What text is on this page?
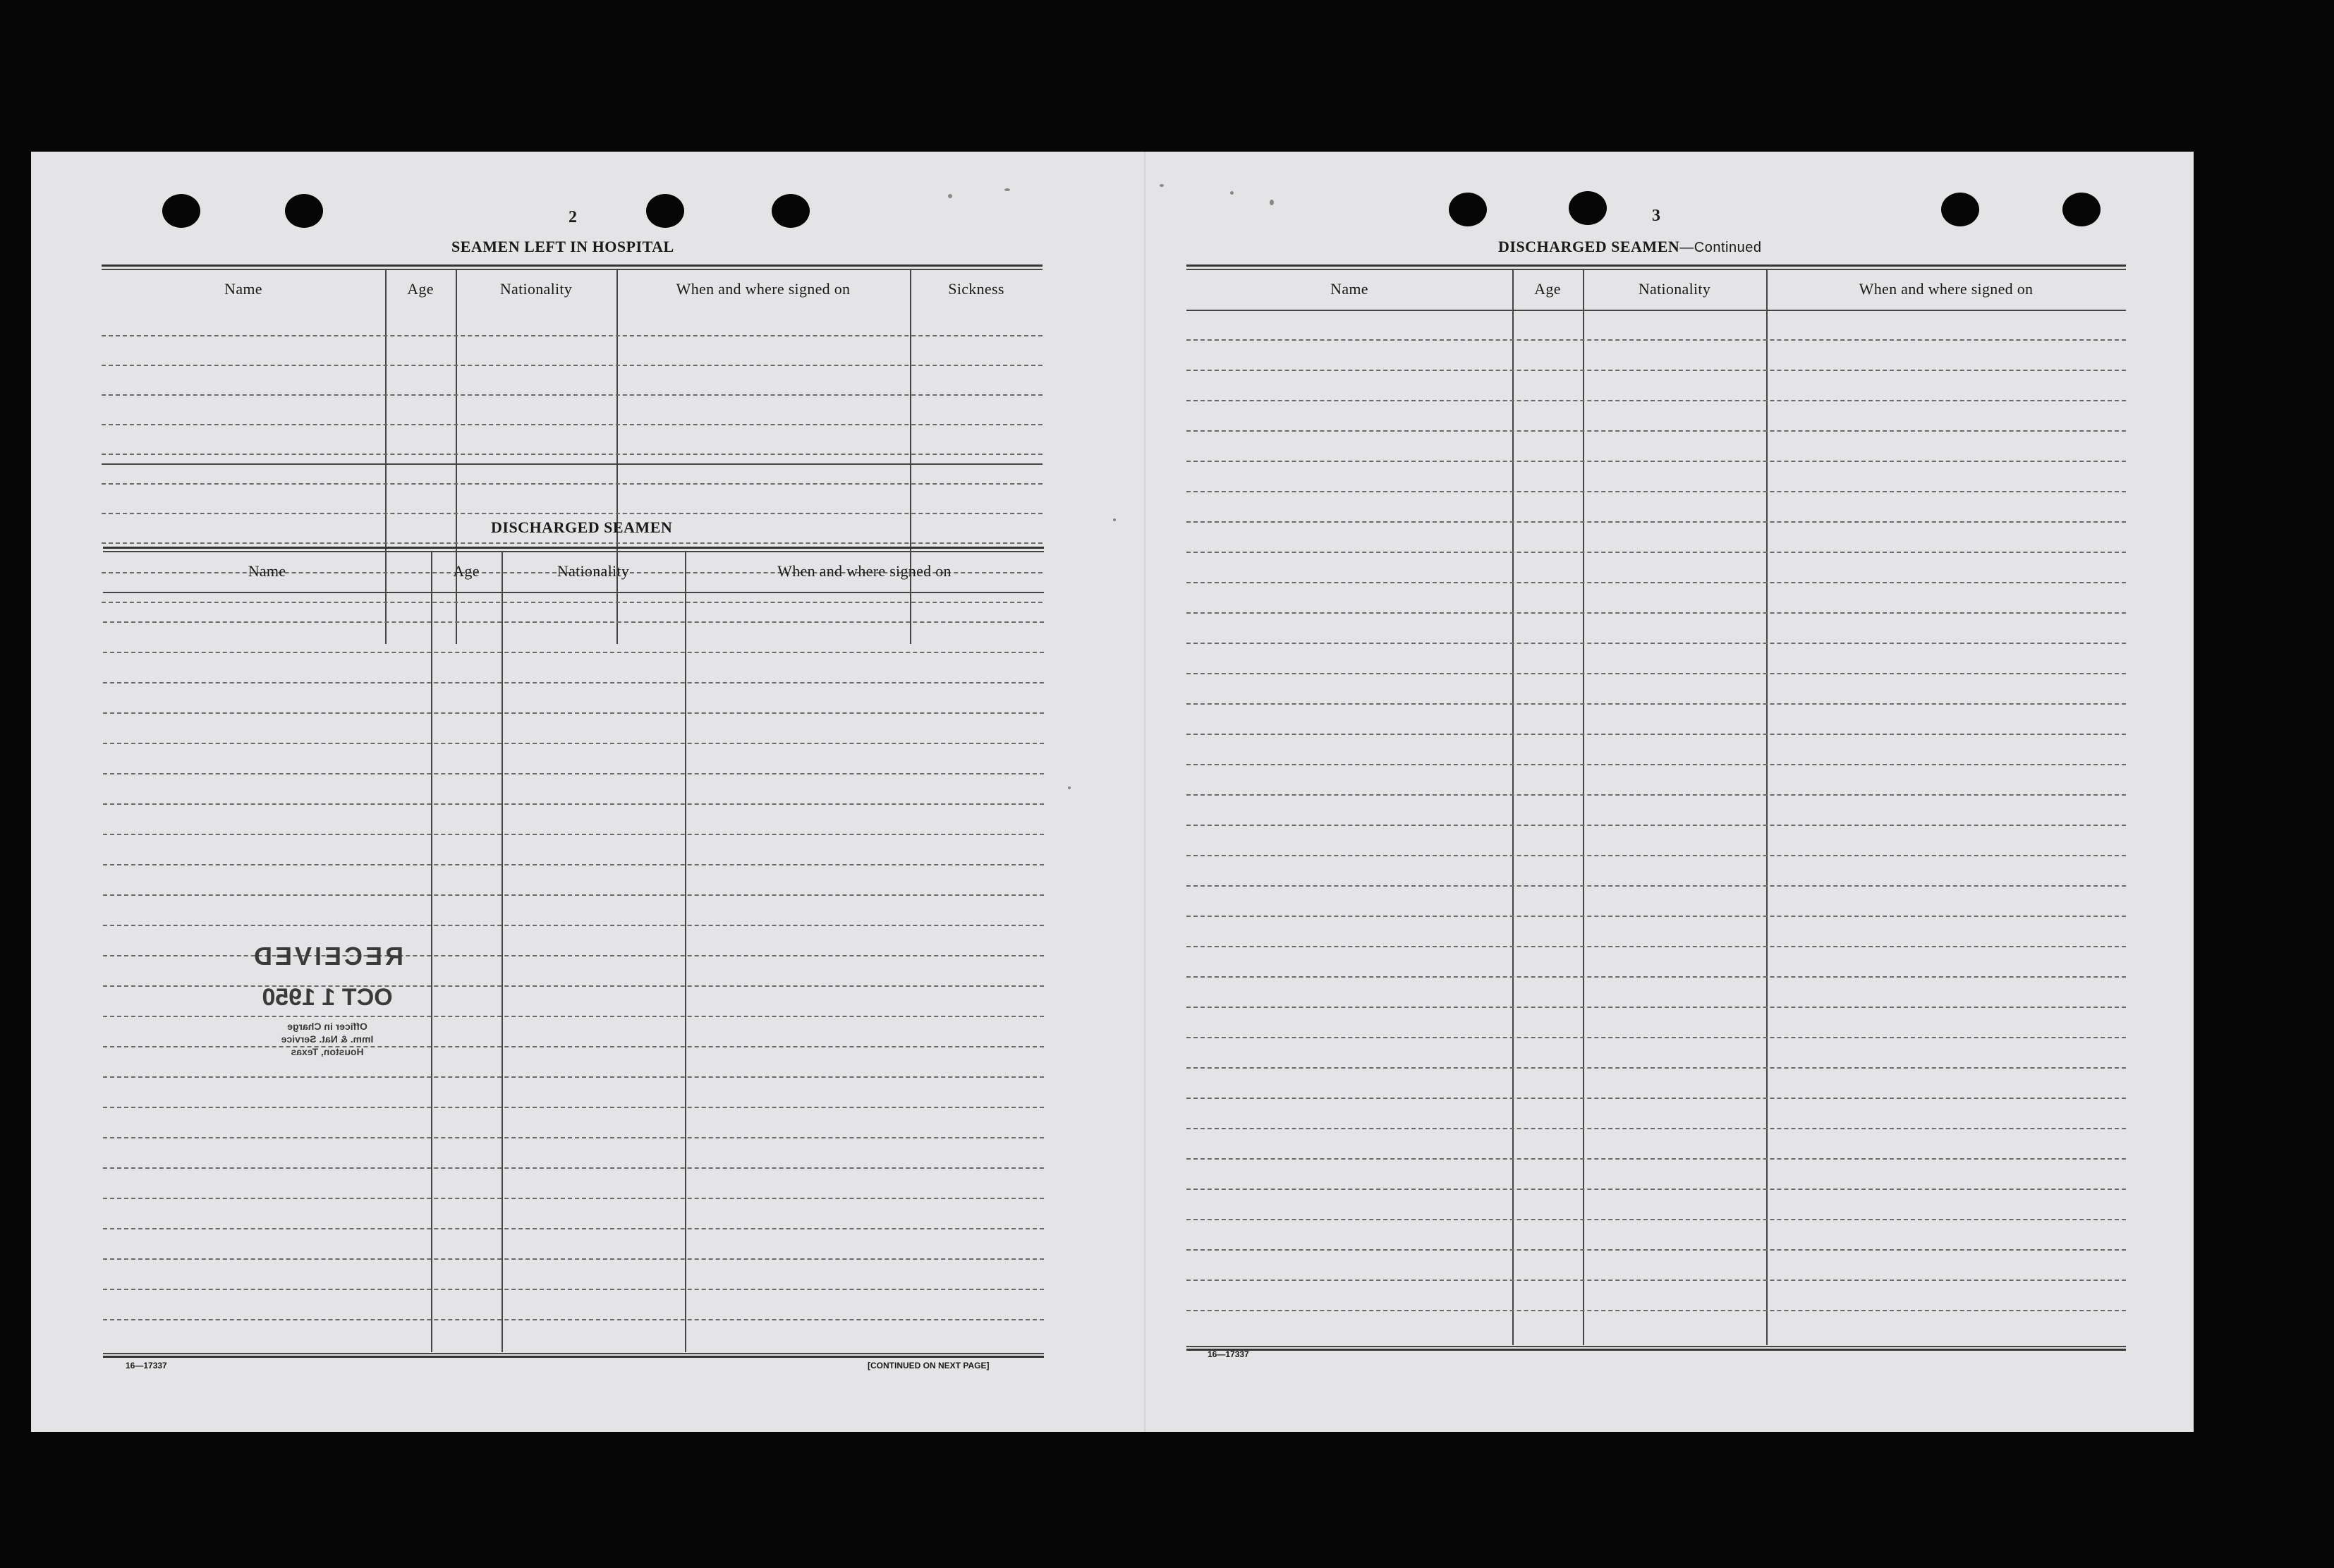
2
SEAMEN LEFT IN HOSPITAL
Name	Age	Nationality	When and where signed on	Sickness
DISCHARGED SEAMEN
Name	Age	Nationality	When and where signed on
16—17337	[CONTINUED ON NEXT PAGE]
RECEIVED
OCT 1 1950
Officer in Charge
Imm. & Nat. Service
Houston, Texas
3
DISCHARGED SEAMEN—Continued
Name	Age	Nationality	When and where signed on
16—17337
